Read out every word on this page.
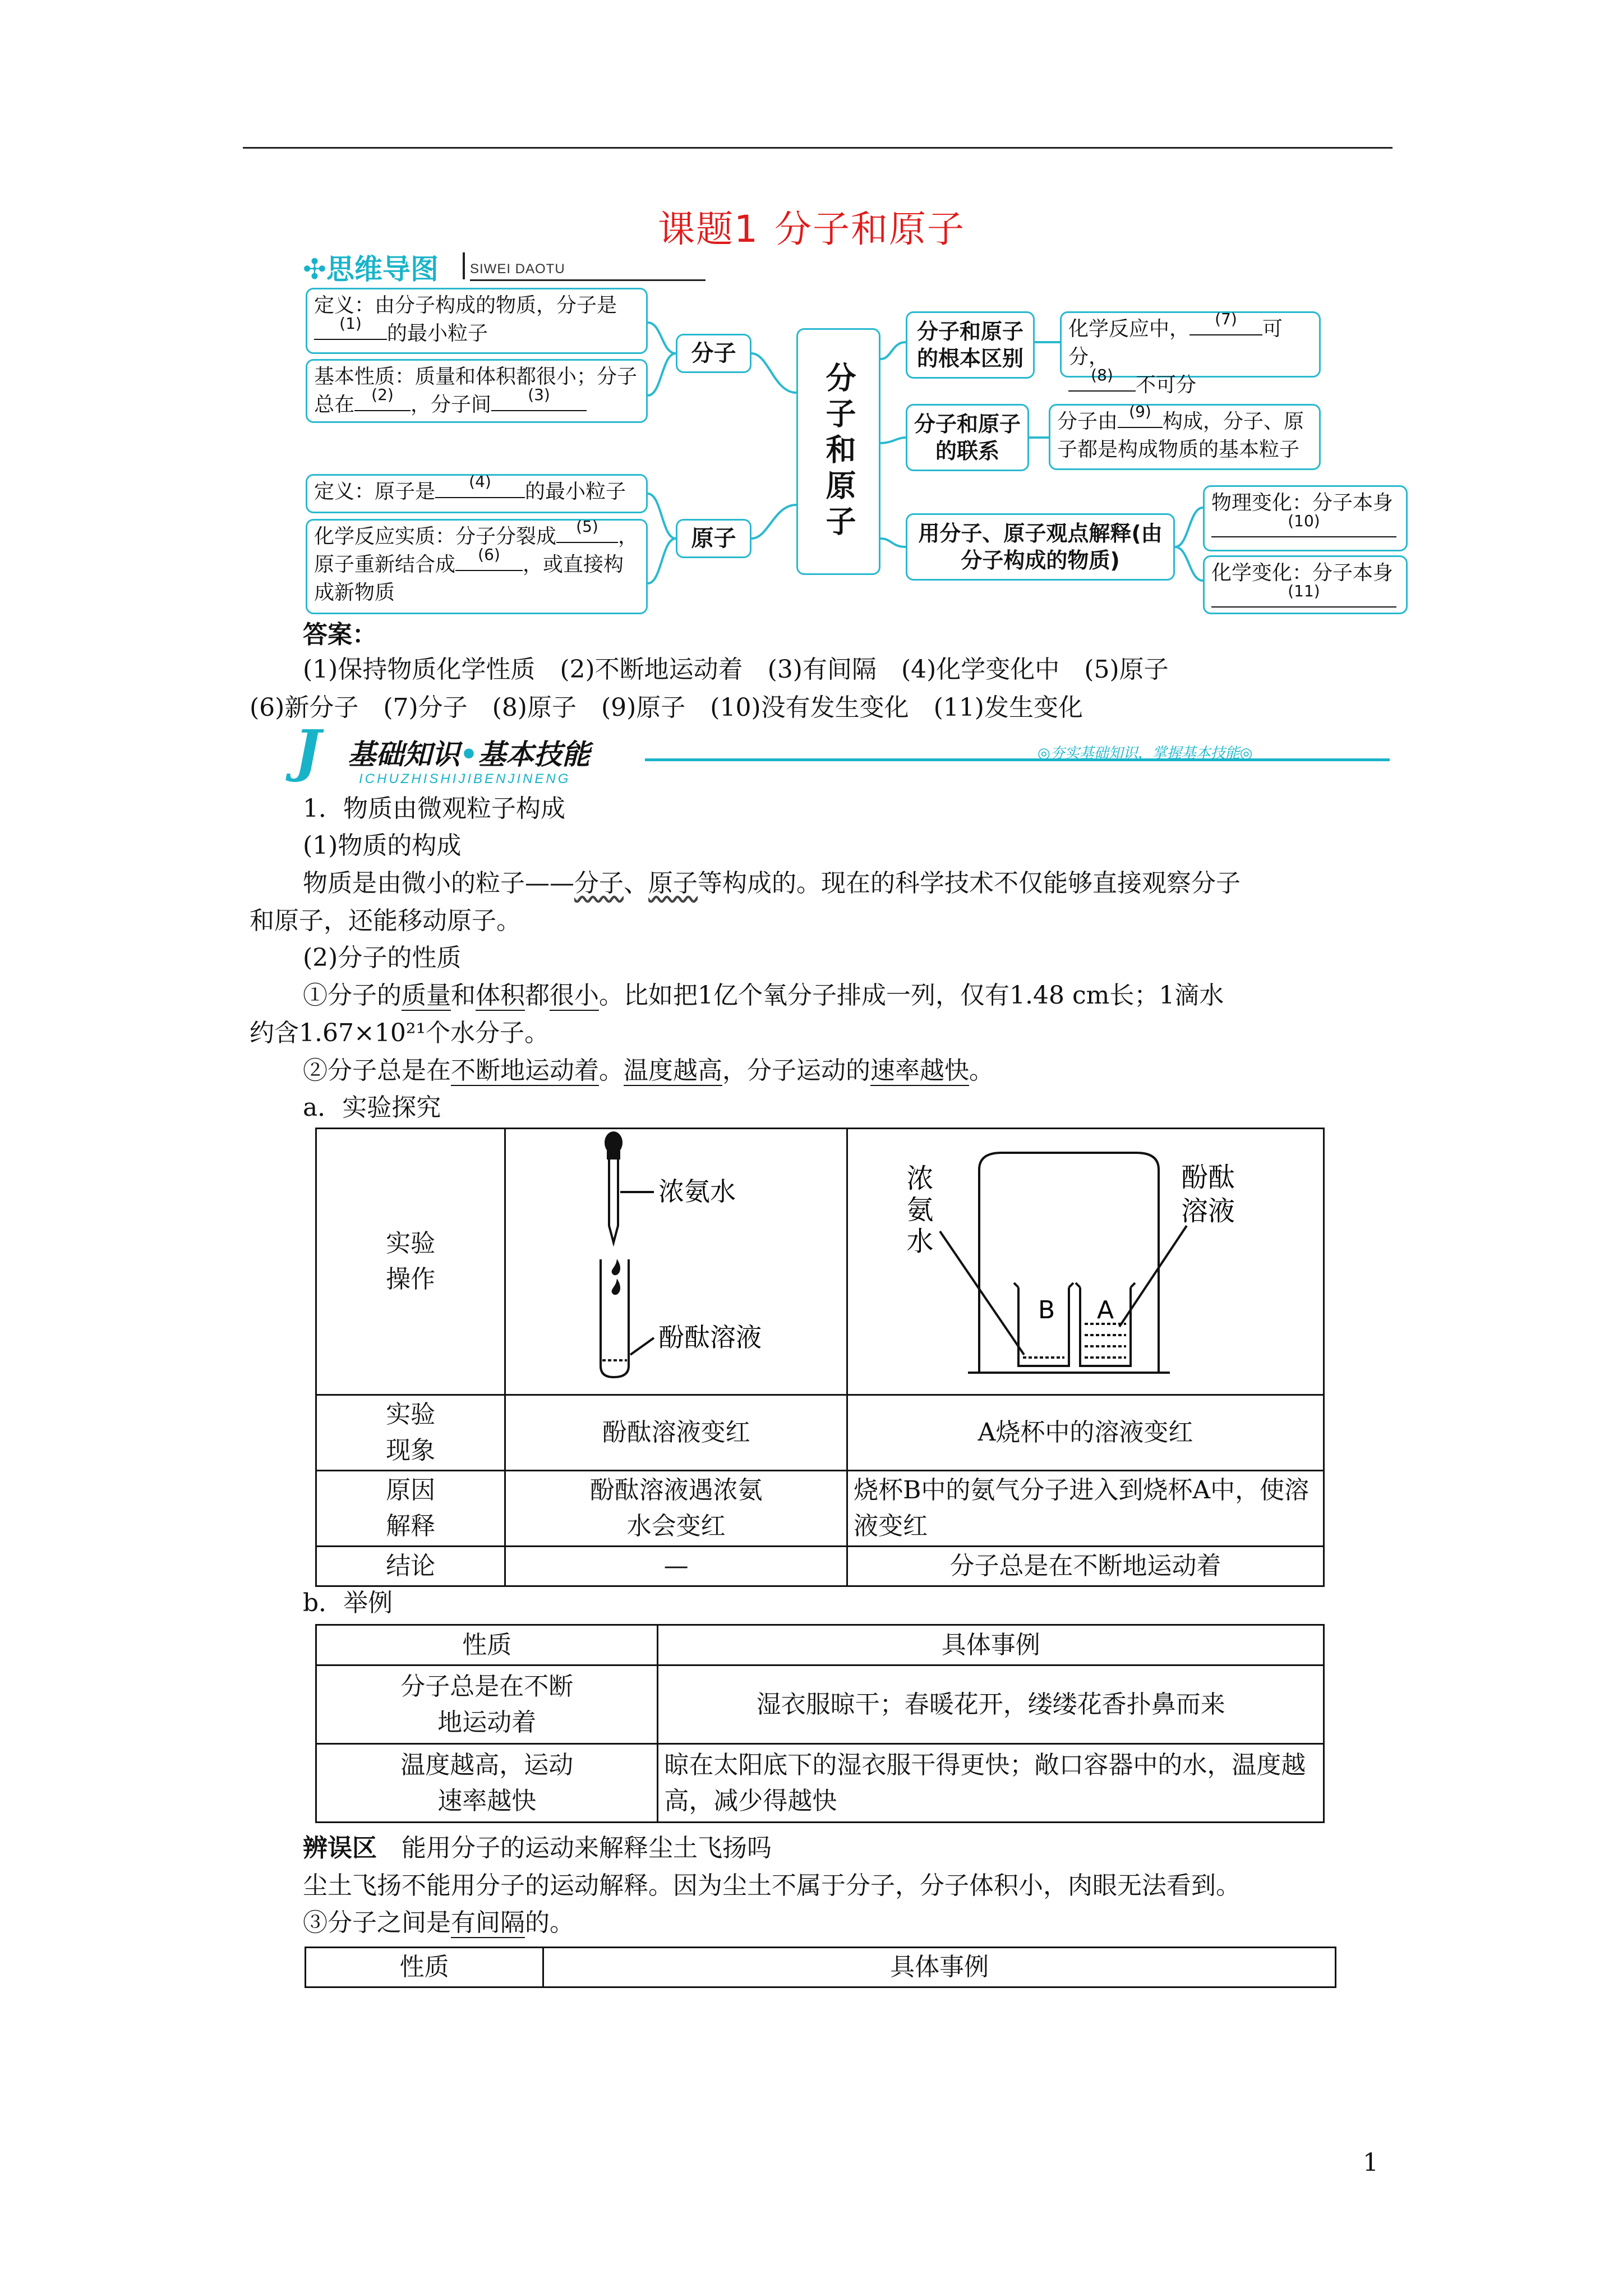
课题1 分子和原子
✣思维导图 SIWEI DAOTU
定义：由分子构成的物质，分子是

(1)	的最小粒子
基本性质：质量和体积都很小；分子总在	(2) ，分子间	(3)
分子
定义：原子是	(4)	的最小粒子
化学反应实质：分子分裂成	(5) ，原子重新结合成	(6)	，或直接构成新物质
原子	分子和原子
分子和原子的根本区别
化学反应中，	(7)	可分，

(8)	不可分
分子和原子的联系
分子由 (9) 构成，分子、原子都是构成物质的基本粒子
用分子、原子观点解释(由分子构成的物质)
物理变化：分子本身

(10)
化学变化：分子本身

(11)
答案：
(1)保持物质化学性质　(2)不断地运动着　(3)有间隔　(4)化学变化中　(5)原子
(6)新分子　(7)分子　(8)原子　(9)原子　(10)没有发生变化　(11)发生变化
J 基础知识•基本技能
ICHUZHISHIJIBENJINENG
◎夯实基础知识，掌握基本技能◎
1．物质由微观粒子构成
(1)物质的构成
物质是由微小的粒子——分子、原子等构成的。现在的科学技术不仅能够直接观察分子
和原子，还能移动原子。
(2)分子的性质
①分子的质量和体积都很小。比如把1亿个氧分子排成一列，仅有1.48 cm长；1滴水
约含1.67×10²¹个水分子。
②分子总是在不断地运动着。温度越高，分子运动的速率越快。
a．实验探究
实验操作	浓氨水
酚酞溶液	B A
浓氨水 酚酞
溶液

实验现象	酚酞溶液变红	A烧杯中的溶液变红
原因解释	酚酞溶液遇浓氨水会变红	烧杯B中的氨气分子进入到烧杯A中，使溶液变红
结论	—	分子总是在不断地运动着
b．举例
性质	具体事例
分子总是在不断地运动着	湿衣服晾干；春暖花开，缕缕花香扑鼻而来
温度越高，运动速率越快	晾在太阳底下的湿衣服干得更快；敞口容器中的水，温度越高，减少得越快
辨误区　 能用分子的运动来解释尘土飞扬吗
尘土飞扬不能用分子的运动解释。因为尘土不属于分子，分子体积小，肉眼无法看到。
③分子之间是有间隔的。
性质	具体事例
1
